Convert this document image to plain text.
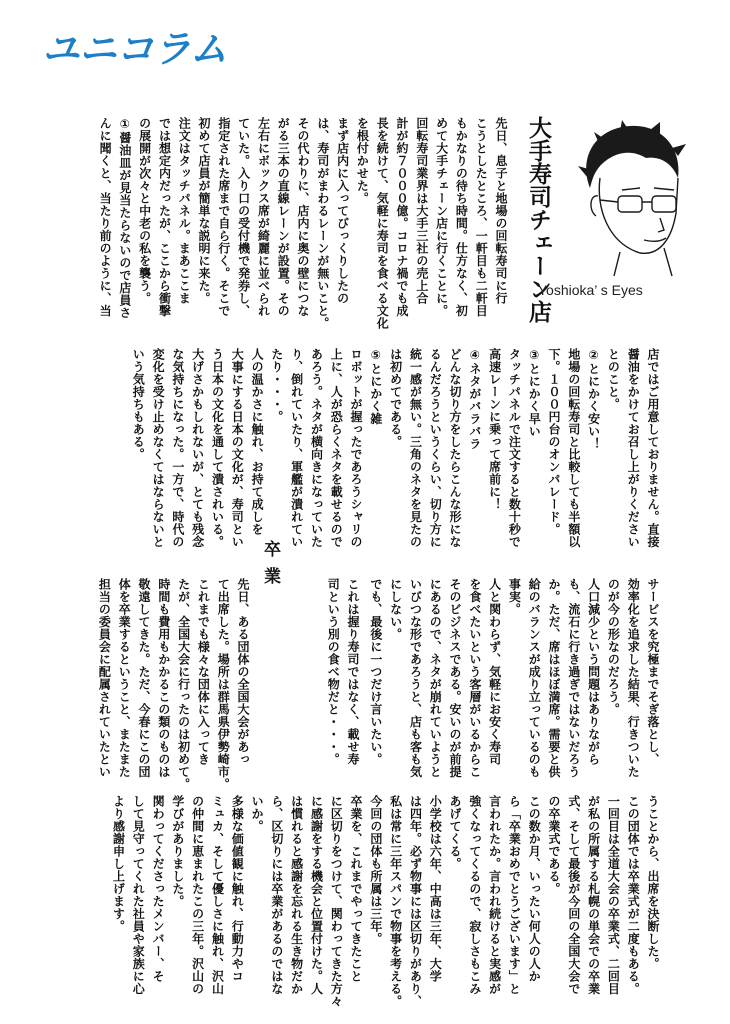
ユニコラム
大手寿司チェーン店
Yoshioka’ s Eyes
先日、息子と地場の回転寿司に行
こうとしたところ、一軒目も二軒目
もかなりの待ち時間。仕方なく、初
めて大手チェーン店に行くことに。
回転寿司業界は大手三社の売上合
計が約７０００億。コロナ禍でも成
長を続けて、気軽に寿司を食べる文化
を根付かせた。
まず店内に入ってびっくりしたの
は、寿司がまわるレーンが無いこと。
その代わりに、店内に奥の壁につな
がる三本の直線レーンが設置。その
左右にボックス席が綺麗に並べられ
ていた。入り口の受付機で発券し、
指定された席まで自ら行く。そこで
初めて店員が簡単な説明に来た。
注文はタッチパネル。まあここま
では想定内だったが、ここから衝撃
の展開が次々と中老の私を襲う。
①醤油皿が見当たらないので店員さ
んに聞くと、当たり前のように、当
店ではご用意しておりません。直接
醤油をかけてお召し上がりください
とのこと。
②とにかく安い！
地場の回転寿司と比較しても半額以
下。１００円台のオンパレード。
③とにかく早い
タッチパネルで注文すると数十秒で
高速レーンに乗って席前に！
④ネタがバラバラ
どんな切り方をしたらこんな形にな
るんだろうというくらい、切り方に
統一感が無い。三角のネタを見たの
は初めてである。
⑤とにかく雑
ロボットが握ったであろうシャリの
上に、人が恐らくネタを載せるので
あろう。ネタが横向きになっていた
り、倒れていたり、軍艦が潰れてい
たり・・・。
人の温かさに触れ、お持て成しを
大事にする日本の文化が、寿司とい
う日本の文化を通して潰されいる。
大げさかもしれないが、とても残念
な気持ちになった。一方で、時代の
変化を受け止めなくてはならないと
いう気持ちもある。
サービスを究極までそぎ落とし、
効率化を追求した結果、行きついた
のが今の形なのだろう。
人口減少という問題はありながら
も、流石に行き過ぎではないだろう
か。ただ、席はほぼ満席。需要と供
給のバランスが成り立っているのも
事実。
人と関わらず、気軽にお安く寿司
を食べたいという客層がいるからこ
そのビジネスである。安いのが前提
にあるので、ネタが崩れていようと
いびつな形であろうと、店も客も気
にしない。
でも、最後に一つだけ言いたい。
これは握り寿司ではなく、載せ寿
司という別の食べ物だと・・・。
卒業
先日、ある団体の全国大会があっ
て出席した。場所は群馬県伊勢崎市。
これまでも様々な団体に入ってき
たが、全国大会に行ったのは初めて。
時間も費用もかかるこの類のものは
敬遠してきた。ただ、今春にこの団
体を卒業するということ、またまた
担当の委員会に配属されていたとい
うことから、出席を決断した。
この団体では卒業式が二度もある。
一回目は全道大会の卒業式、二回目
が私の所属する札幌の単会での卒業
式、そして最後が今回の全国大会で
の卒業式である。
この数か月、いったい何人の人か
ら「卒業おめでとうございます」と
言われたか。言われ続けると実感が
強くなってくるので、寂しさもこみ
あげてくる。
小学校は六年、中高は三年、大学
は四年。必ず物事には区切りがあり、
私は常に三年スパンで物事を考える。
今回の団体も所属は三年。
卒業を、これまでやってきたこと
に区切りをつけて、関わってきた方々
に感謝をする機会と位置付けた。人
は慣れると感謝を忘れる生き物だか
ら、区切りには卒業があるのではな
いか。
多様な価値観に触れ、行動力やコ
ミュカ、そして優しさに触れ、沢山
の仲間に恵まれたこの三年。沢山の
学びがありました。
関わってくださったメンバー、そ
して見守ってくれた社員や家族に心
より感謝申し上げます。
